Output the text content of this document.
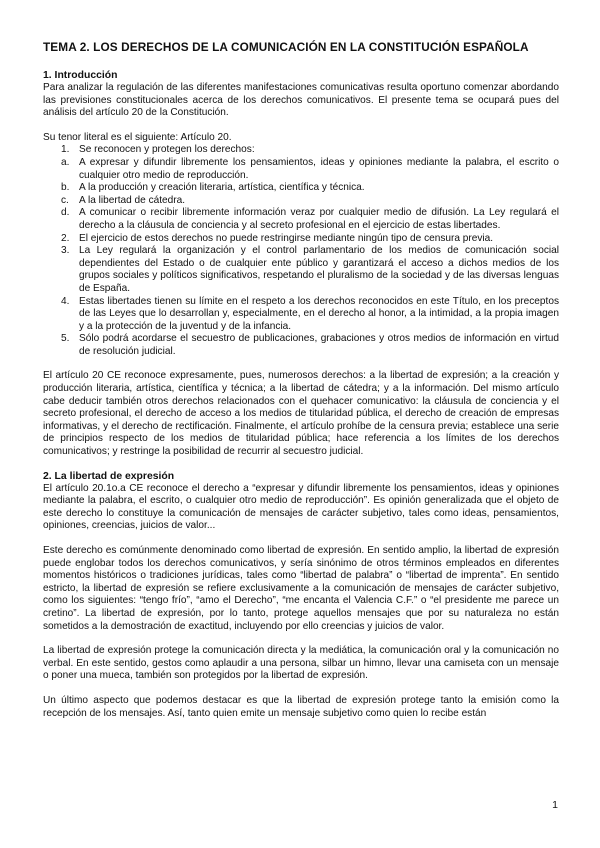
TEMA 2. LOS DERECHOS DE LA COMUNICACIÓN EN LA CONSTITUCIÓN ESPAÑOLA
1. Introducción

Para analizar la regulación de las diferentes manifestaciones comunicativas resulta oportuno comenzar abordando las previsiones constitucionales acerca de los derechos comunicativos. El presente tema se ocupará pues del análisis del artículo 20 de la Constitución.

Su tenor literal es el siguiente: Artículo 20.

1. Se reconocen y protegen los derechos:
a. A expresar y difundir libremente los pensamientos, ideas y opiniones mediante la palabra, el escrito o cualquier otro medio de reproducción.
b. A la producción y creación literaria, artística, científica y técnica.
c.	A la libertad de cátedra.
d. A comunicar o recibir libremente información veraz por cualquier medio de difusión. La Ley regulará el derecho a la cláusula de conciencia y al secreto profesional en el ejercicio de estas libertades.
2. El ejercicio de estos derechos no puede restringirse mediante ningún tipo de censura previa.
3. La Ley regulará la organización y el control parlamentario de los medios de comunicación social dependientes del Estado o de cualquier ente público y garantizará el acceso a dichos medios de los grupos sociales y políticos significativos, respetando el pluralismo de la sociedad y de las diversas lenguas de España.
4. Estas libertades tienen su límite en el respeto a los derechos reconocidos en este Título, en los preceptos de las Leyes que lo desarrollan y, especialmente, en el derecho al honor, a la intimidad, a la propia imagen y a la protección de la juventud y de la infancia.
5. Sólo podrá acordarse el secuestro de publicaciones, grabaciones y otros medios de información en virtud de resolución judicial.

El artículo 20 CE reconoce expresamente, pues, numerosos derechos: a la libertad de expresión; a la creación y producción literaria, artística, científica y técnica; a la libertad de cátedra; y a la información. Del mismo artículo cabe deducir también otros derechos relacionados con el quehacer comunicativo: la cláusula de conciencia y el secreto profesional, el derecho de acceso a los medios de titularidad pública, el derecho de creación de empresas informativas, y el derecho de rectificación. Finalmente, el artículo prohíbe de la censura previa; establece una serie de principios respecto de los medios de titularidad pública; hace referencia a los límites de los derechos comunicativos; y restringe la posibilidad de recurrir al secuestro judicial.

2. La libertad de expresión

El artículo 20.1o.a CE reconoce el derecho a “expresar y difundir libremente los pensamientos, ideas y opiniones mediante la palabra, el escrito, o cualquier otro medio de reproducción”. Es opinión generalizada que el objeto de este derecho lo constituye la comunicación de mensajes de carácter subjetivo, tales como ideas, pensamientos, opiniones, creencias, juicios de valor...

Este derecho es comúnmente denominado como libertad de expresión. En sentido amplio, la libertad de expresión puede englobar todos los derechos comunicativos, y sería sinónimo de otros términos empleados en diferentes momentos históricos o tradiciones jurídicas, tales como “libertad de palabra” o “libertad de imprenta”. En sentido estricto, la libertad de expresión se refiere exclusivamente a la comunicación de mensajes de carácter subjetivo, como los siguientes: “tengo frío”, “amo el Derecho”, “me encanta el Valencia C.F.” o “el presidente me parece un cretino”. La libertad de expresión, por lo tanto, protege aquellos mensajes que por su naturaleza no están sometidos a la demostración de exactitud, incluyendo por ello creencias y juicios de valor.

La libertad de expresión protege la comunicación directa y la mediática, la comunicación oral y la comunicación no verbal. En este sentido, gestos como aplaudir a una persona, silbar un himno, llevar una camiseta con un mensaje o poner una mueca, también son protegidos por la libertad de expresión.

Un último aspecto que podemos destacar es que la libertad de expresión protege tanto la emisión como la recepción de los mensajes. Así, tanto quien emite un mensaje subjetivo como quien lo recibe están

1
